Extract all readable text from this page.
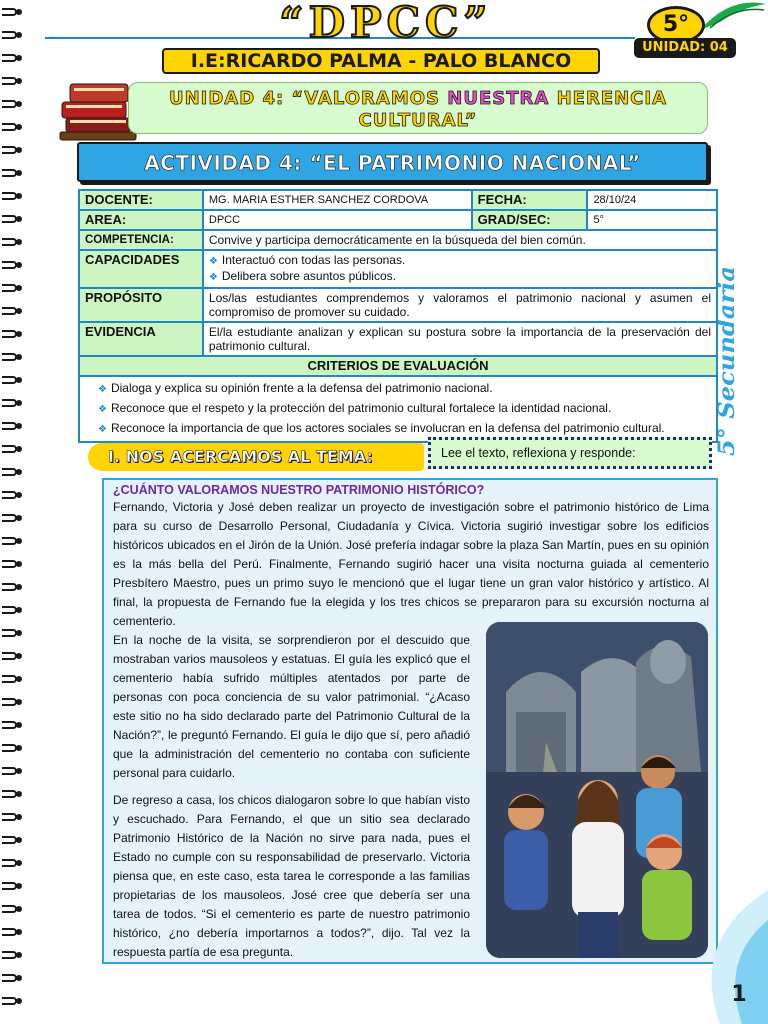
∽	“DPCC”
I.E:RICARDO PALMA - PALO BLANCO
5°
UNIDAD: 04
UNIDAD 4: “VALORAMOS NUESTRA HERENCIA CULTURAL”
ACTIVIDAD 4: “EL PATRIMONIO NACIONAL”
5° Secundaria
DOCENTE:	MG. MARIA ESTHER SANCHEZ CORDOVA	FECHA:	28/10/24
AREA:	DPCC	GRAD/SEC:	5°
COMPETENCIA:	Convive y participa democráticamente en la búsqueda del bien común.		
CAPACIDADES	❖ Interactuó con todas las personas.
❖ Delibera sobre asuntos públicos.		

PROPÓSITO	Los/las estudiantes comprendemos y valoramos el patrimonio nacional y asumen el compromiso de promover su cuidado.		
EVIDENCIA	El/la estudiante analizan y explican su postura sobre la importancia de la preservación del patrimonio cultural.		
CRITERIOS DE EVALUACIÓN			

❖ Dialoga y explica su opinión frente a la defensa del patrimonio nacional.
❖ Reconoce que el respeto y la protección del patrimonio cultural fortalece la identidad nacional.
❖ Reconoce la importancia de que los actores sociales se involucran en la defensa del patrimonio cultural.			
I. NOS ACERCAMOS AL TEMA:	Lee el texto, reflexiona y responde:
¿CUÁNTO VALORAMOS NUESTRO PATRIMONIO HISTÓRICO?

Fernando, Victoria y José deben realizar un proyecto de investigación sobre el patrimonio histórico de Lima para su curso de Desarrollo Personal, Ciudadanía y Cívica. Victoria sugirió investigar sobre los edificios históricos ubicados en el Jirón de la Unión. José prefería indagar sobre la plaza San Martín, pues en su opinión es la más bella del Perú. Finalmente, Fernando sugirió hacer una visita nocturna guiada al cementerio Presbítero Maestro, pues un primo suyo le mencionó que el lugar tiene un gran valor histórico y artístico. Al final, la propuesta de Fernando fue la elegida y los tres chicos se prepararon para su excursión nocturna al cementerio.

En la noche de la visita, se sorprendieron por el descuido que mostraban varios mausoleos y estatuas. El guía les explicó que el cementerio había sufrido múltiples atentados por parte de personas con poca conciencia de su valor patrimonial. “¿Acaso este sitio no ha sido declarado parte del Patrimonio Cultural de la Nación?”, le preguntó Fernando. El guía le dijo que sí, pero añadió que la administración del cementerio no contaba con suficiente personal para cuidarlo.

De regreso a casa, los chicos dialogaron sobre lo que habían visto y escuchado. Para Fernando, el que un sitio sea declarado Patrimonio Histórico de la Nación no sirve para nada, pues el Estado no cumple con su responsabilidad de preservarlo. Victoria piensa que, en este caso, esta tarea le corresponde a las familias propietarias de los mausoleos. José cree que debería ser una tarea de todos. “Si el cementerio es parte de nuestro patrimonio histórico, ¿no debería importarnos a todos?”, dijo. Tal vez la respuesta partía de esa pregunta.

1
